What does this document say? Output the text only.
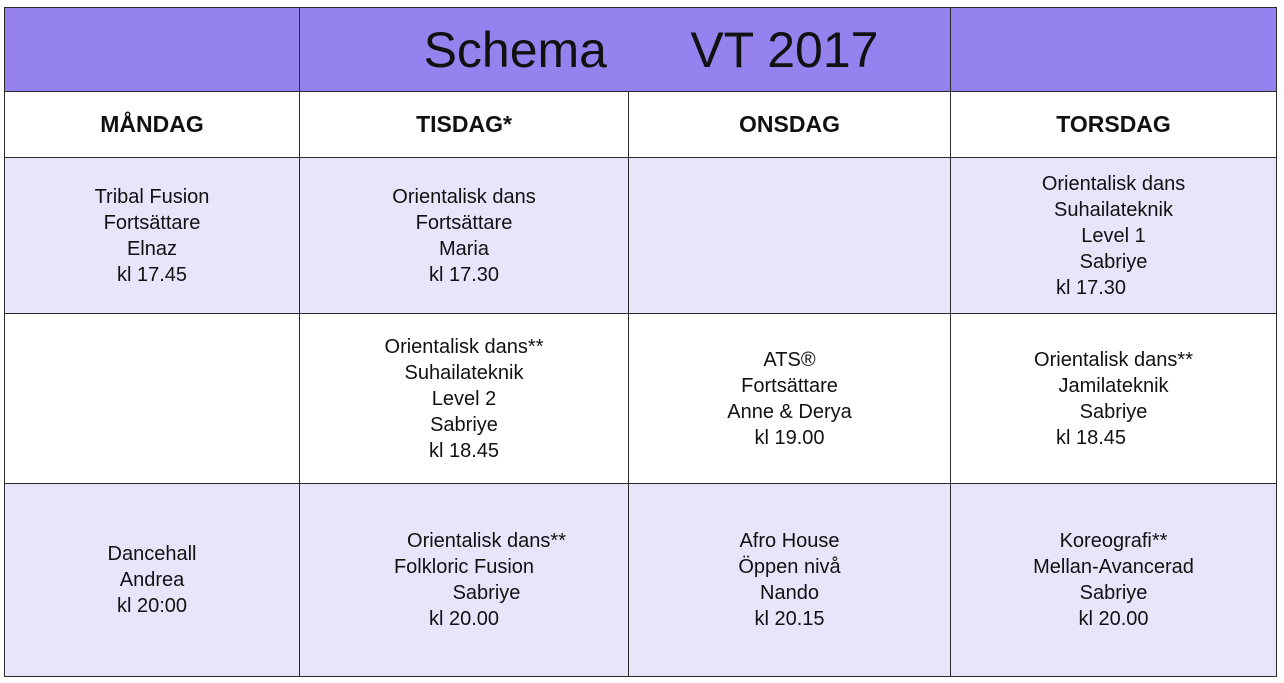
	Schema      VT 2017		
MÅNDAG	TISDAG*	ONSDAG	TORSDAG

Tribal Fusion
Fortsättare
Elnaz
kl 17.45	Orientalisk dans
Fortsättare
Maria
kl 17.30		Orientalisk dans
Suhailateknik
Level 1
Sabriye
kl 17.30

	Orientalisk dans**
Suhailateknik
Level 2
Sabriye
kl 18.45	ATS®
Fortsättare
Anne & Derya
kl 19.00	Orientalisk dans**
Jamilateknik
Sabriye
kl 18.45

Dancehall
Andrea
kl 20:00	Orientalisk dans**
Folkloric Fusion
Sabriye
kl 20.00	Afro House
Öppen nivå
Nando
kl 20.15	Koreografi**
Mellan-Avancerad
Sabriye
kl 20.00
